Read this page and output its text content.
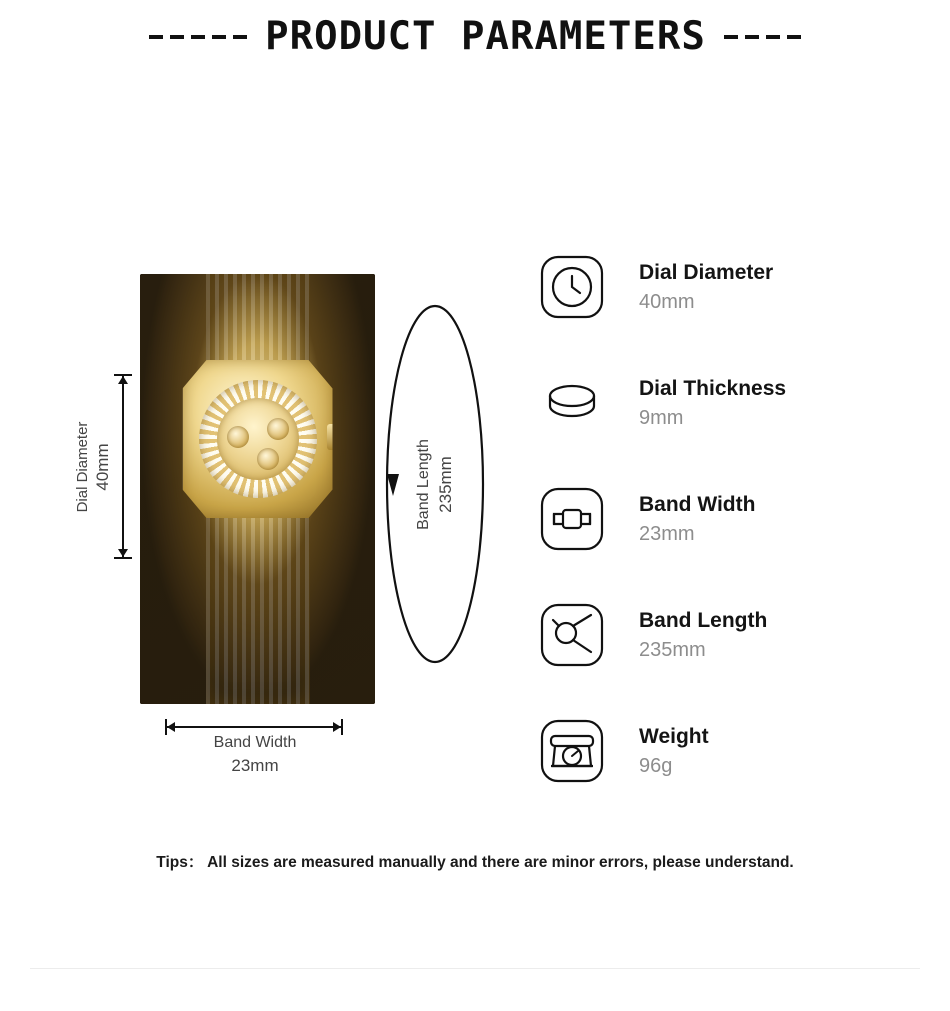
PRODUCT PARAMETERS
Dial Diameter 40mm
Band Width
23mm
Band Length 235mm
Dial Diameter
40mm
Dial Thickness
9mm
Band Width
23mm
Band Length
235mm
Weight
96g
Tips： All sizes are measured manually and there are minor errors, please understand.
